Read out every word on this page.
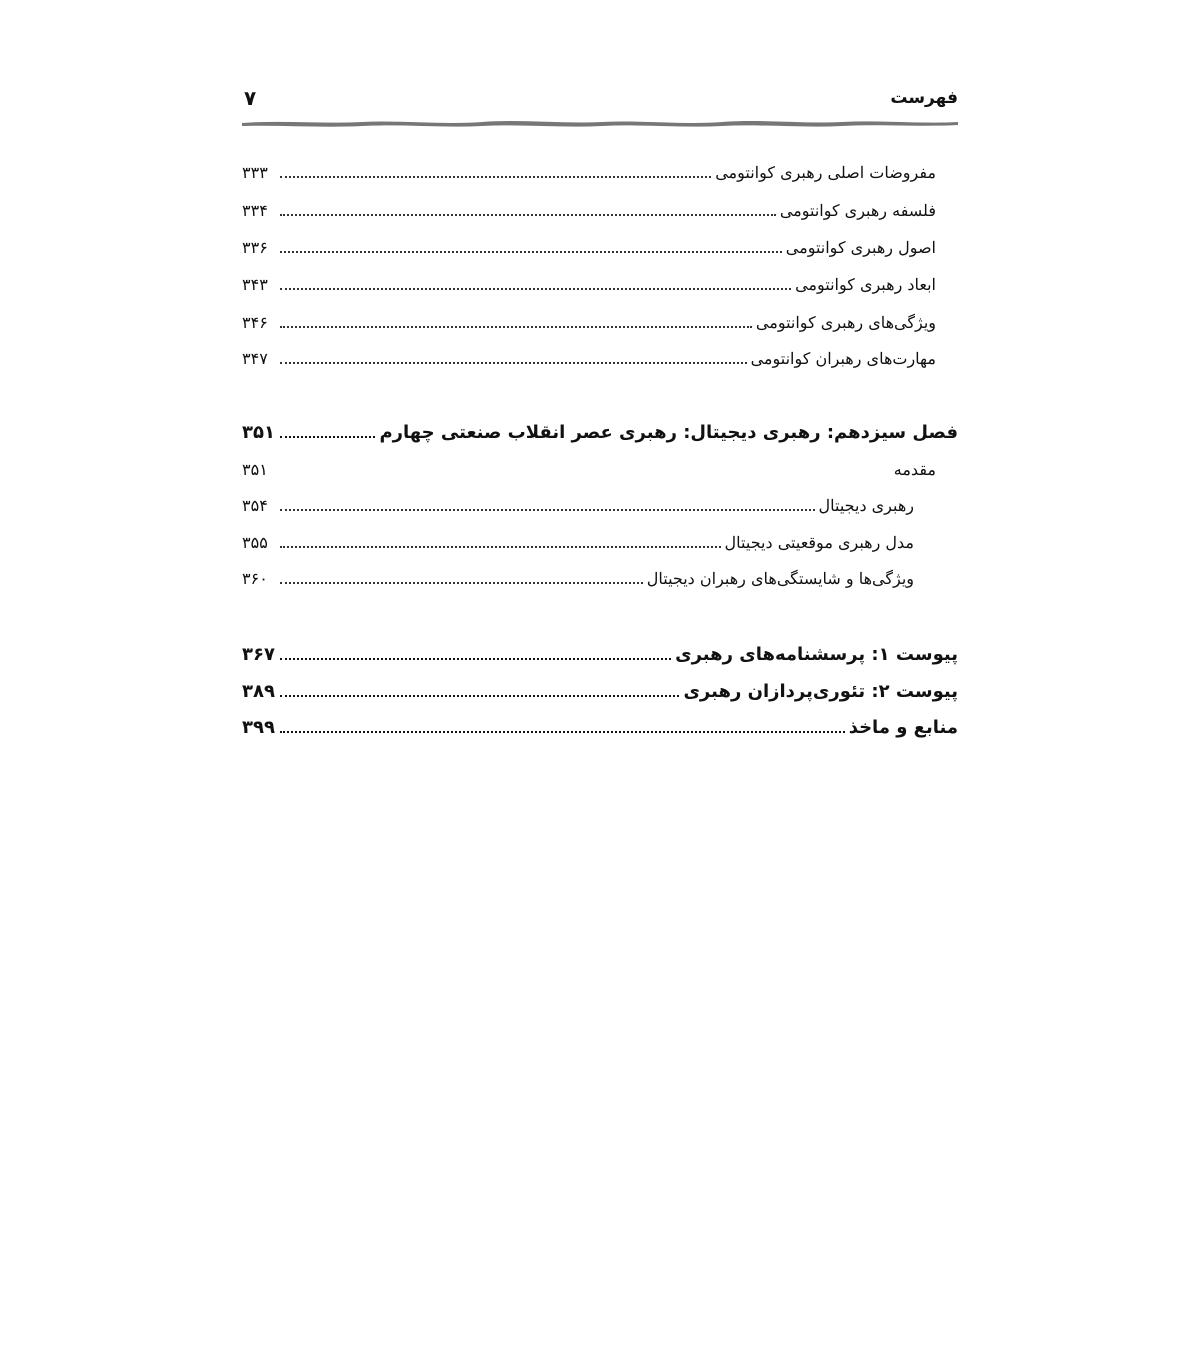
فهرست
۷
مفروضات اصلی رهبری کوانتومی
۳۳۳
فلسفه رهبری کوانتومی
۳۳۴
اصول رهبری کوانتومی
۳۳۶
ابعاد رهبری کوانتومی
۳۴۳
ویژگی‌های رهبری کوانتومی
۳۴۶
مهارت‌های رهبران کوانتومی
۳۴۷
فصل سیزدهم: رهبری دیجیتال: رهبری عصر انقلاب صنعتی چهارم
۳۵۱
مقدمه
۳۵۱
رهبری دیجیتال
۳۵۴
مدل رهبری موقعیتی دیجیتال
۳۵۵
ویژگی‌ها و شایستگی‌های رهبران دیجیتال
۳۶۰
پیوست ۱: پرسشنامه‌های رهبری
۳۶۷
پیوست ۲: تئوری‌پردازان رهبری
۳۸۹
منابع و ماخذ
۳۹۹
